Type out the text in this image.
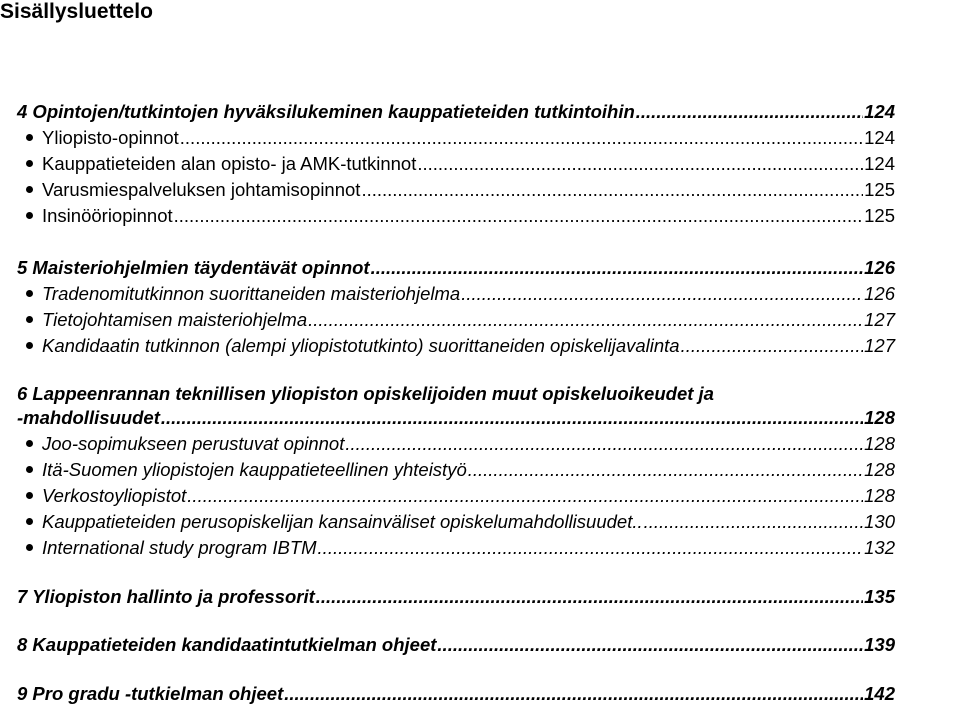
Sisällysluettelo
4 Opintojen/tutkintojen hyväksilukeminen kauppatieteiden tutkintoihin .....	124
Yliopisto-opinnot .....	124
Kauppatieteiden alan opisto- ja AMK-tutkinnot .....	124
Varusmiespalveluksen johtamisopinnot .....	125
Insinööriopinnot .....	125
5 Maisteriohjelmien täydentävät opinnot .....	126
Tradenomitutkinnon suorittaneiden maisteriohjelma .....	126
Tietojohtamisen maisteriohjelma .....	127
Kandidaatin tutkinnon (alempi yliopistotutkinto) suorittaneiden opiskelijavalinta .....	127
6 Lappeenrannan teknillisen yliopiston opiskelijoiden muut opiskeluoikeudet ja
-mahdollisuudet .....	128
Joo-sopimukseen perustuvat opinnot .....	128
Itä-Suomen yliopistojen kauppatieteellinen yhteistyö .....	128
Verkostoyliopistot .....	128
Kauppatieteiden perusopiskelijan kansainväliset opiskelumahdollisuudet.. .....	130
International study program IBTM .....	132
7 Yliopiston hallinto ja professorit .....	135
8 Kauppatieteiden kandidaatintutkielman ohjeet .....	139
9 Pro gradu -tutkielman ohjeet .....	142
